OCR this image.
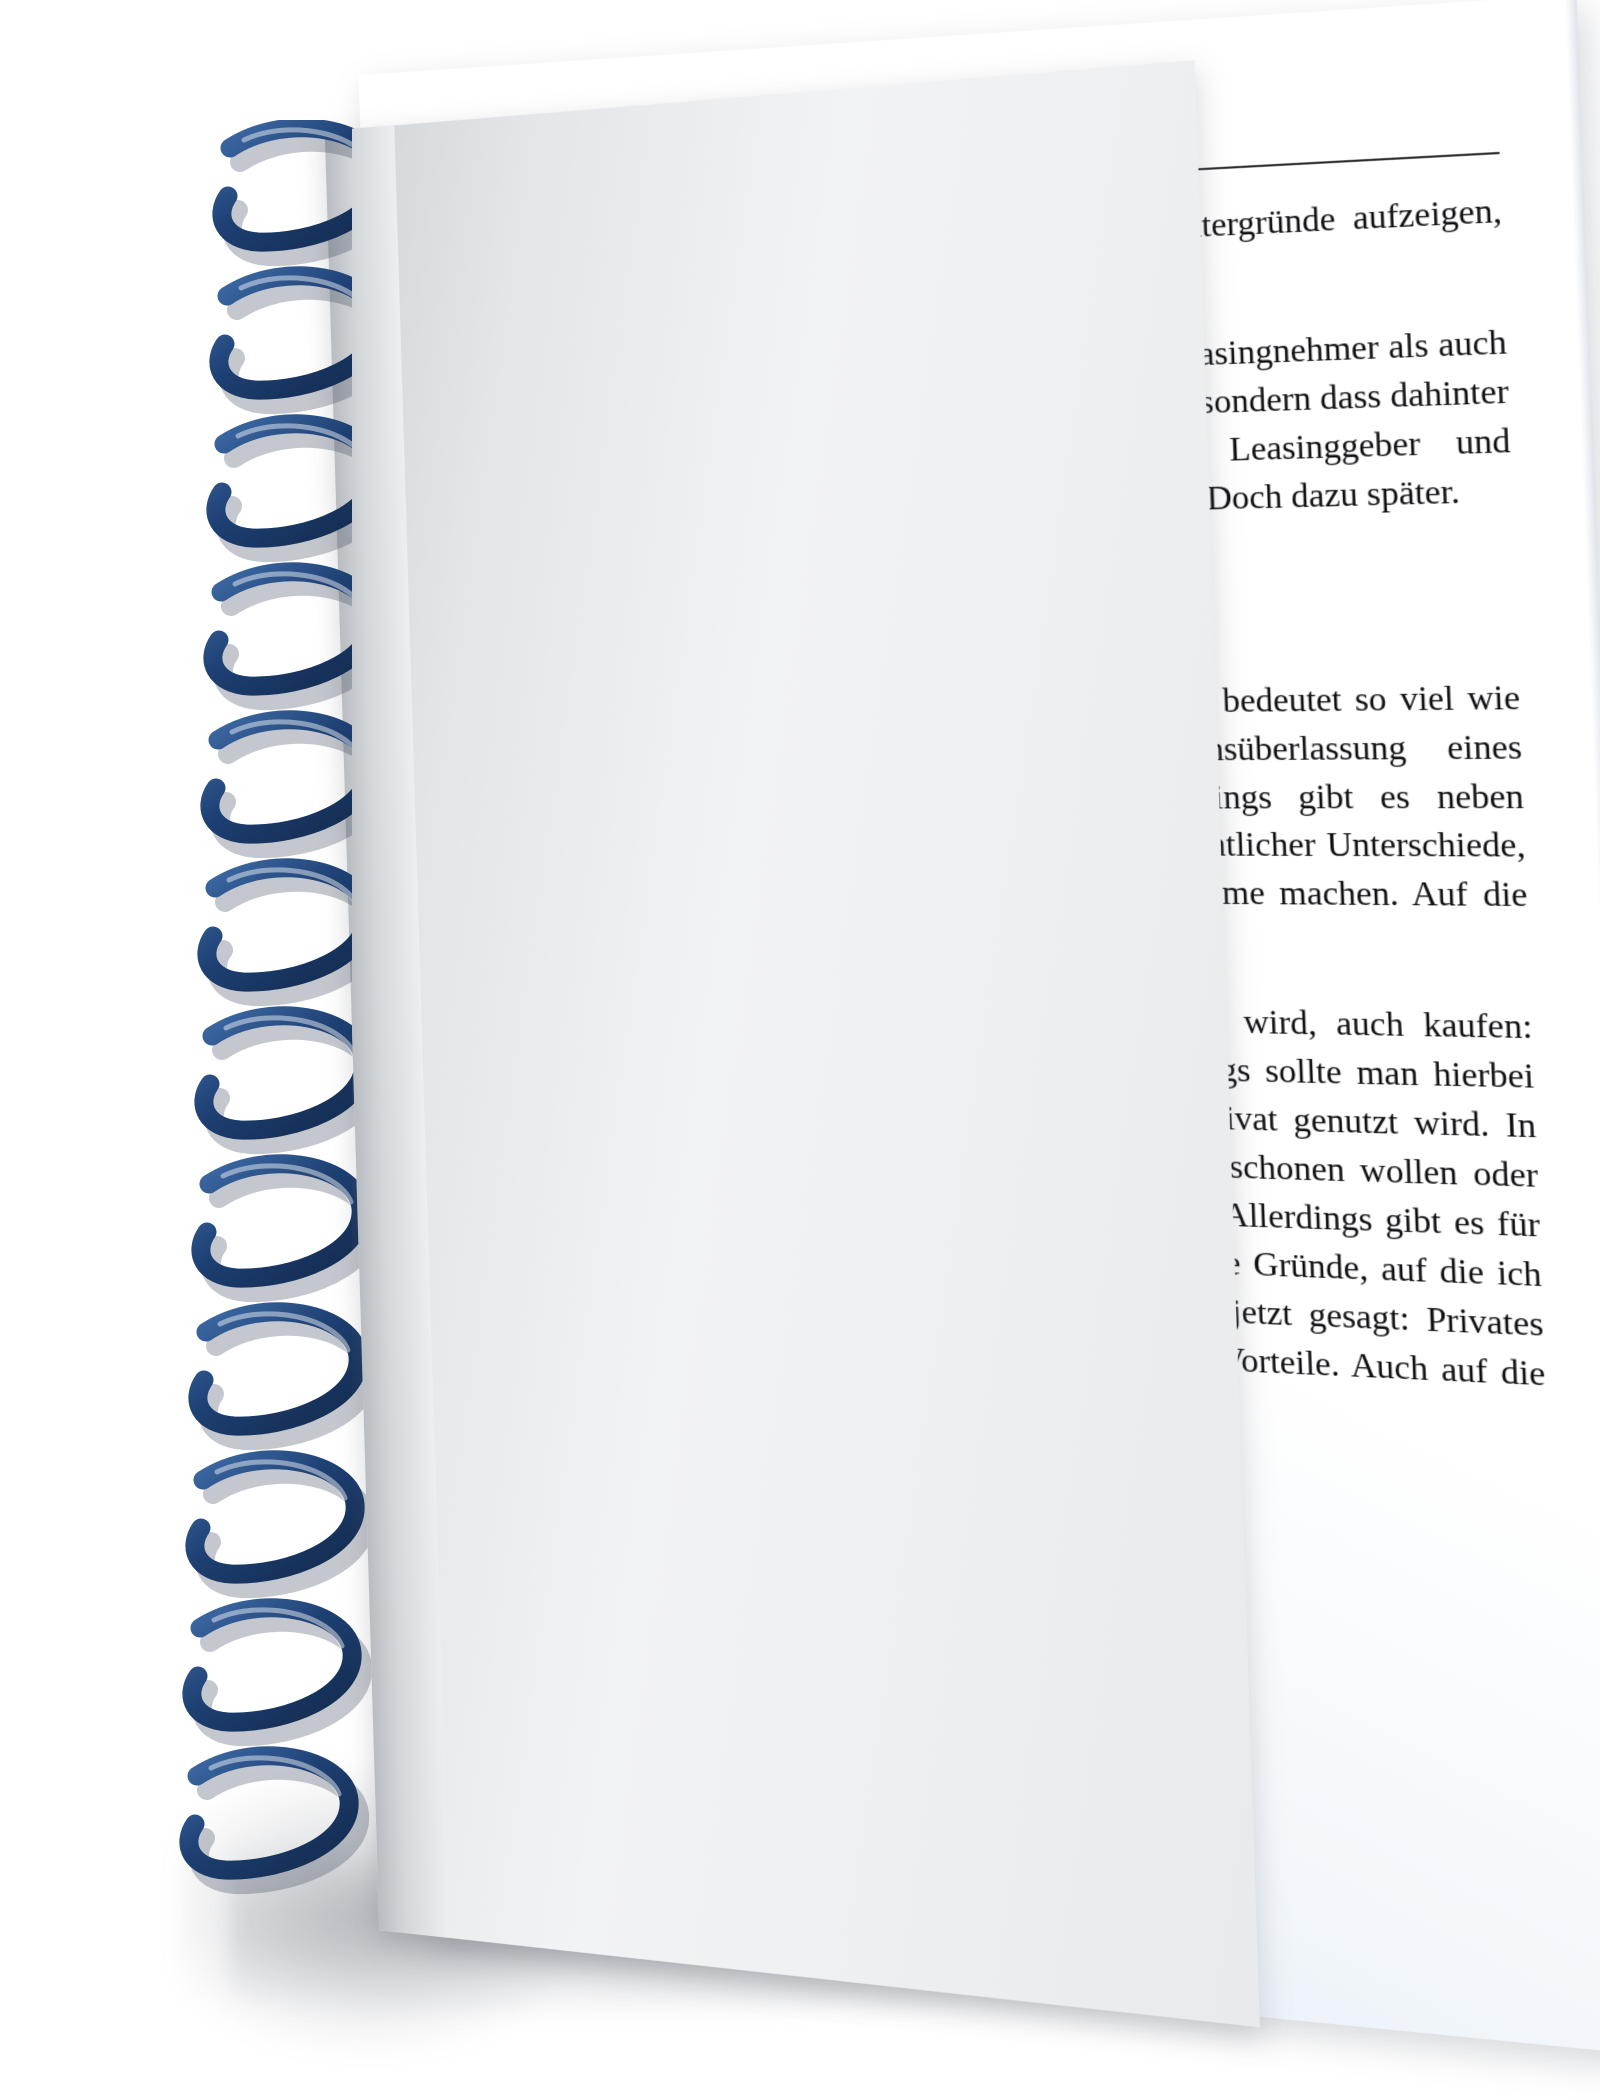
So profitieren Sie vom Leasing

inzwischen geleast werden können und Ihnen die Hintergründe aufzeigen, weshalb dies so ist.

Natürlich können Sie sich vorstellen, dass sowohl der Leasingnehmer als auch der Leasinggeber dies nicht aus karitativen Gründen tun, sondern dass dahinter eine ganz kühle Kalkulation steht, die beiden, Leasinggeber und Leasingnehmer, handfeste wirtschaftliche Vorteile bietet. Doch dazu später.

Was ist Leasing?

Der Begriff „Leasing“ kommt aus dem Englischen und bedeutet so viel wie mieten oder vermieten, ist also die Gebrauchsüberlassung eines Wirtschaftsguts auf Zeit gegen ein Entgelt. Allerdings gibt es neben Gemeinsamkeiten mit der Miete eine ganze Reihe wesentlicher Unterschiede, die Leasing häufig zur optimalen Lösung vieler Probleme machen. Auf die Unterschiede will ich gleich eingehen.

Natürlich könnte man ein Wirtschaftsgut, das geleast wird, auch kaufen: entweder per Barzahlung oder per Ratenkauf. Allerdings sollte man hierbei unterscheiden, ob das geleaste Gut betrieblich oder privat genutzt wird. In beiden Fällen dient Leasing denen, die ihre Barmittel schonen wollen oder gerade einen Liquiditätsengpass zu überwinden haben. Allerdings gibt es für den betrieblichen Einsatz des Leasing auch weitere gute Gründe, auf die ich später noch eingehen werde. Doch so viel sei schon jetzt gesagt: Privates Leasing bringt dem Leasingnehmer keine finanziellen Vorteile. Auch auf die Gründe dafür werde ich noch zu sprechen kommen.

6
